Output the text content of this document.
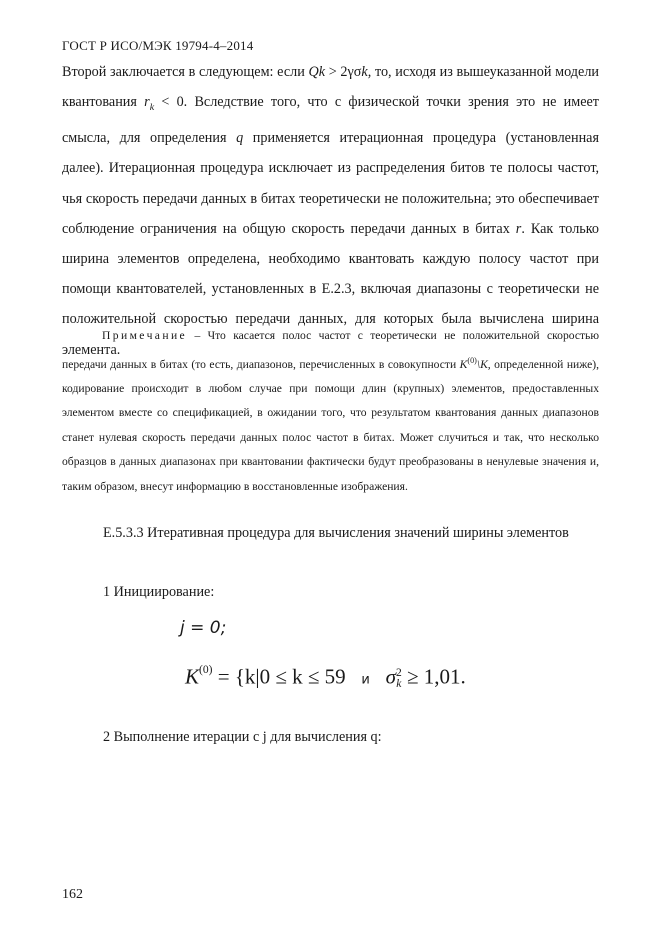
ГОСТ Р ИСО/МЭК 19794-4–2014

Второй заключается в следующем: если Qk > 2γσk, то, исходя из вышеуказанной модели квантования $r_k < 0$. Вследствие того, что с физической точки зрения это не имеет смысла, для определения q применяется итерационная процедура (установленная далее). Итерационная процедура исключает из распределения битов те полосы частот, чья скорость передачи данных в битах теоретически не положительна; это обеспечивает соблюдение ограничения на общую скорость передачи данных в битах r. Как только ширина элементов определена, необходимо квантовать каждую полосу частот при помощи квантователей, установленных в Е.2.3, включая диапазоны с теоретически не положительной скоростью передачи данных, для которых была вычислена ширина элемента.

Примечание – Что касается полос частот с теоретически не положительной скоростью передачи данных в битах (то есть, диапазонов, перечисленных в совокупности $K^{(0)}\backslash K$, определенной ниже), кодирование происходит в любом случае при помощи длин (крупных) элементов, предоставленных элементом вместе со спецификацией, в ожидании того, что результатом квантования данных диапазонов станет нулевая скорость передачи данных полос частот в битах. Может случиться и так, что несколько образцов в данных диапазонах при квантовании фактически будут преобразованы в ненулевые значения и, таким образом, внесут информацию в восстановленные изображения.

Е.5.3.3 Итеративная процедура для вычисления значений ширины элементов

1 Инициирование:
j = 0;
$K^{(0)} = \{k|0 \le k \le 59$ и σ 2
k ≥ 1,01.
2 Выполнение итерации с j для вычисления q:
162
